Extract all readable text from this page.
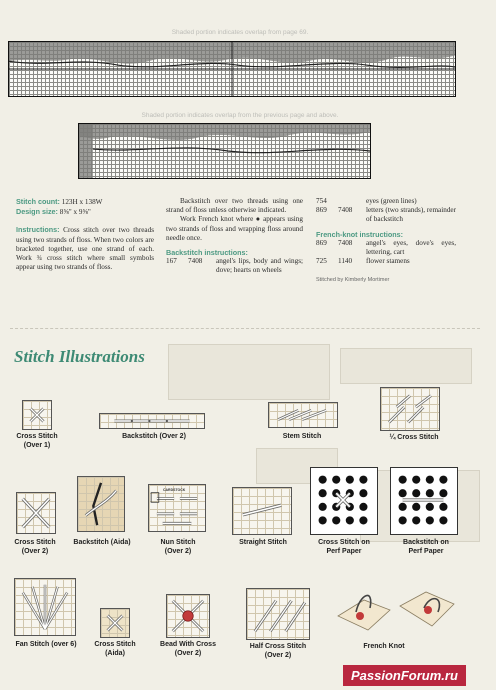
Shaded portion indicates overlap from page 69.
Shaded portion indicates overlap from the previous page and above.
Stitch count: 123H x 138W
Design size: 8⅝" x 9⅝"
Instructions: Cross stitch over two threads using two strands of floss. When two colors are bracketed together, use one strand of each. Work ¾ cross stitch where small symbols appear using two strands of floss.
Backstitch over two threads using one strand of floss unless otherwise indicated.
Work French knot where ● appears using two strands of floss and wrapping floss around needle once.
Backstitch instructions:
167	7408	angel's lips, body and wings; dove; hearts on wheels
754	eyes (green lines)
869	7408	letters (two strands), remainder of backstitch
French-knot instructions:
869	7408	angel's eyes, dove's eyes, lettering, cart
725	1140	flower stamens
Stitched by Kimberly Mortimer
Stitch Illustrations
Cross Stitch
(Over 1)
Backstitch (Over 2)	Stem Stitch	¼ Cross Stitch
Cross Stitch
(Over 2)
Backstitch (Aida)
CARDSTOCK
Nun Stitch
(Over 2)
Straight Stitch	Cross Stitch on
Perf Paper
Backstitch on
Perf Paper
Fan Stitch (over 6)	Cross Stitch
(Aida)
Bead With Cross
(Over 2)
Half Cross Stitch
(Over 2)
French Knot
PassionForum.ru
